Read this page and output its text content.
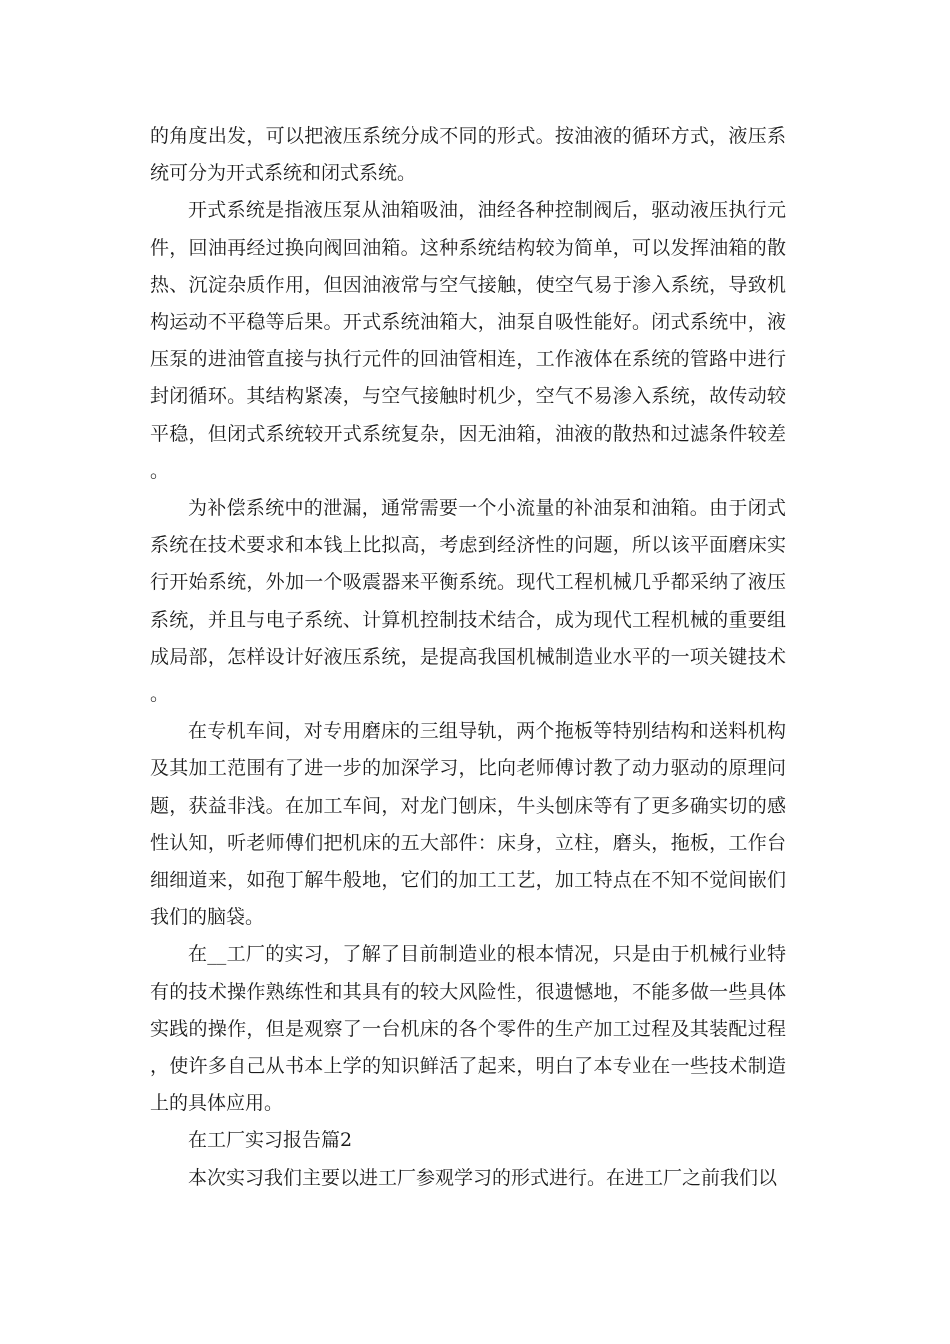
的角度出发，可以把液压系统分成不同的形式。按油液的循环方式，液压系统可分为开式系统和闭式系统。

开式系统是指液压泵从油箱吸油，油经各种控制阀后，驱动液压执行元件，回油再经过换向阀回油箱。这种系统结构较为简单，可以发挥油箱的散热、沉淀杂质作用，但因油液常与空气接触，使空气易于渗入系统，导致机构运动不平稳等后果。开式系统油箱大，油泵自吸性能好。闭式系统中，液压泵的进油管直接与执行元件的回油管相连，工作液体在系统的管路中进行封闭循环。其结构紧凑，与空气接触时机少，空气不易渗入系统，故传动较平稳，但闭式系统较开式系统复杂，因无油箱，油液的散热和过滤条件较差。

为补偿系统中的泄漏，通常需要一个小流量的补油泵和油箱。由于闭式系统在技术要求和本钱上比拟高，考虑到经济性的问题，所以该平面磨床实行开始系统，外加一个吸震器来平衡系统。现代工程机械几乎都采纳了液压系统，并且与电子系统、计算机控制技术结合，成为现代工程机械的重要组成局部，怎样设计好液压系统，是提高我国机械制造业水平的一项关键技术。

在专机车间，对专用磨床的三组导轨，两个拖板等特别结构和送料机构及其加工范围有了进一步的加深学习，比向老师傅讨教了动力驱动的原理问题，获益非浅。在加工车间，对龙门刨床，牛头刨床等有了更多确实切的感性认知，听老师傅们把机床的五大部件：床身，立柱，磨头，拖板，工作台细细道来，如孢丁解牛般地，它们的加工工艺，加工特点在不知不觉间嵌们我们的脑袋。

在__工厂的实习，了解了目前制造业的根本情况，只是由于机械行业特有的技术操作熟练性和其具有的较大风险性，很遗憾地，不能多做一些具体实践的操作，但是观察了一台机床的各个零件的生产加工过程及其装配过程，使许多自己从书本上学的知识鲜活了起来，明白了本专业在一些技术制造上的具体应用。

在工厂实习报告篇2

本次实习我们主要以进工厂参观学习的形式进行。在进工厂之前我们以
